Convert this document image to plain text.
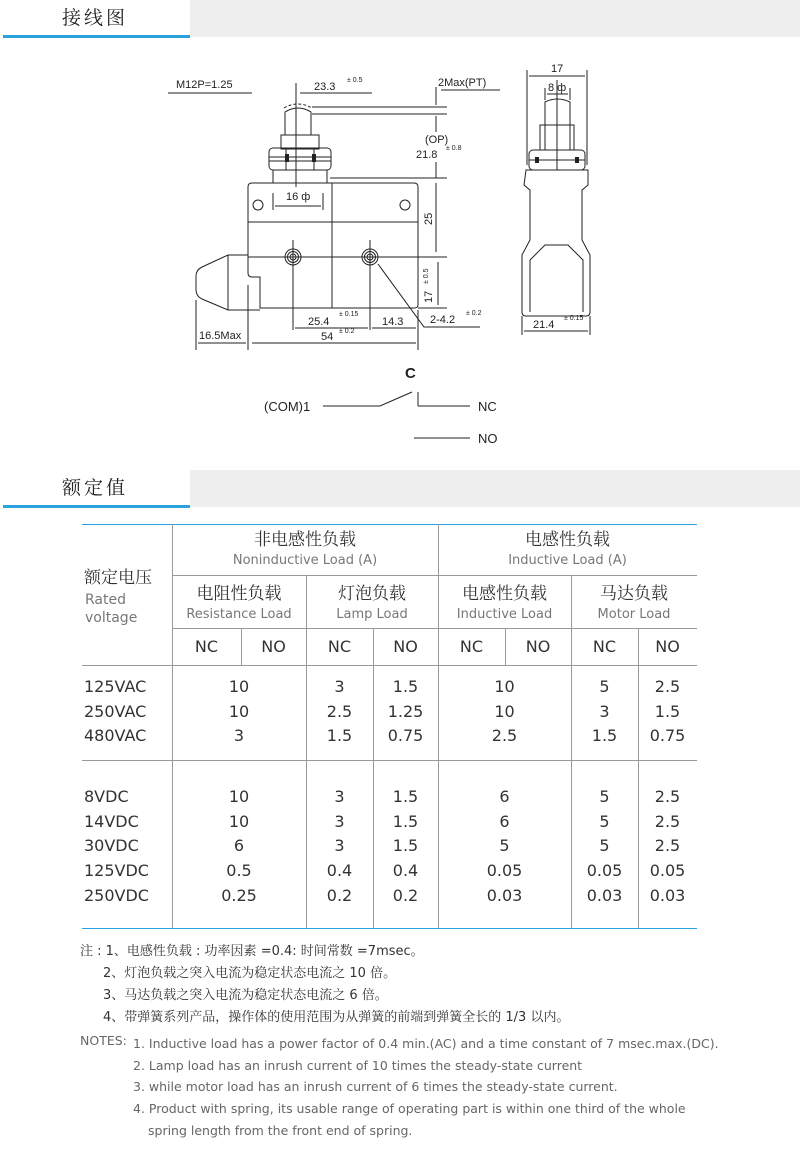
接线图
M12P=1.25	23.3
± 0.5	2Max(PT)
(OP)
21.8
± 0.8
16 ф
25
17
± 0.5
25.4
± 0.15
14.3 2-4.2
± 0.2
16.5Max	54 ± 0.2
17
8 ф
21.4
± 0.15
C
(COM)1	NC
NO
额定值
额定电压
Rated
voltage
非电感性负载
Noninductive Load (A)
电感性负载
Inductive Load (A)
电阻性负载
Resistance Load
灯泡负载
Lamp Load
电感性负载
Inductive Load
马达负载
Motor Load
NC	NO	NC	NO	NC	NO	NC	NO
125VAC	10	3	1.5	10	5	2.5
250VAC	10	2.5	1.25	10	3	1.5
480VAC	3	1.5	0.75	2.5	1.5	0.75
8VDC	10	3	1.5	6	5	2.5
14VDC	10	3	1.5	6	5	2.5
30VDC	6	3	1.5	5	5	2.5
125VDC	0.5	0.4	0.4	0.05	0.05	0.05
250VDC	0.25	0.2	0.2	0.03	0.03	0.03
注 : 1、电感性负载 : 功率因素 =0.4: 时间常数 =7msec。
2、灯泡负载之突入电流为稳定状态电流之 10 倍。
3、马达负载之突入电流为稳定状态电流之 6 倍。
4、带弹簧系列产品，操作体的使用范围为从弹簧的前端到弹簧全长的 1/3 以内。
NOTES: 1. Inductive load has a power factor of 0.4 min.(AC) and a time constant of 7 msec.max.(DC).
2. Lamp load has an inrush current of 10 times the steady-state current
3. while motor load has an inrush current of 6 times the steady-state current.
4. Product with spring, its usable range of operating part is within one third of the whole
spring length from the front end of spring.
